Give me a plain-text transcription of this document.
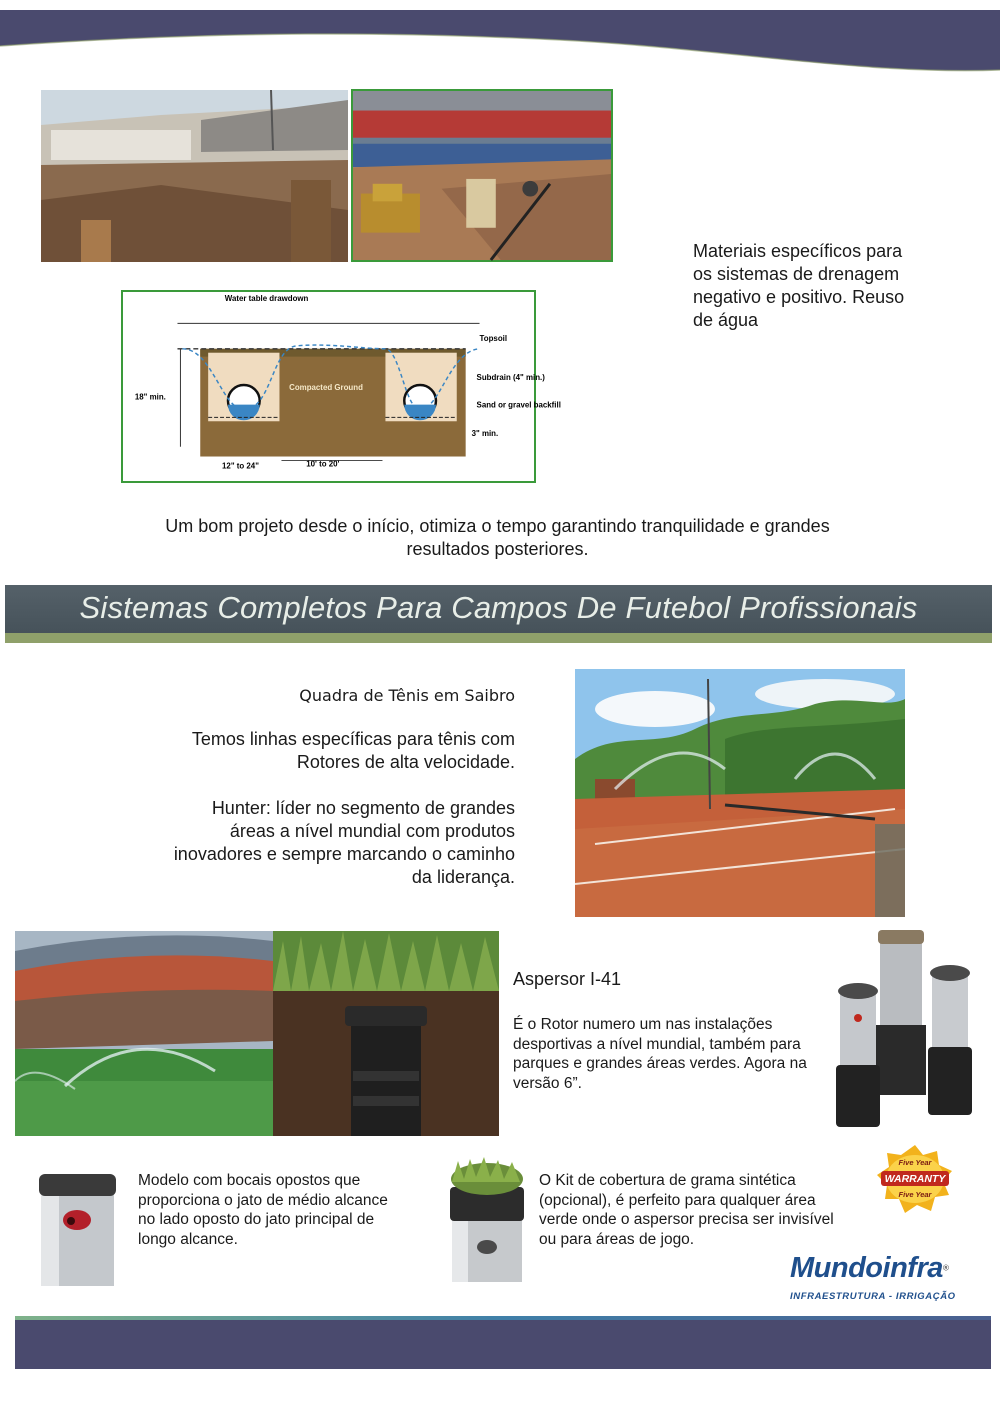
Water table drawdown
Topsoil
Compacted Ground
Subdrain (4" min.)
Sand or gravel backfill
18" min.
3" min.
12" to 24"	10' to 20'
Materiais específicos para os sistemas de drenagem negativo e positivo. Reuso de água
Um bom projeto desde o início, otimiza o tempo garantindo tranquilidade e grandes resultados posteriores.
Sistemas Completos Para Campos De Futebol Profissionais
Quadra de Tênis em Saibro
Temos linhas específicas para tênis com Rotores de alta velocidade.
Hunter: líder no segmento de grandes áreas a nível mundial com produtos inovadores e sempre marcando o caminho da liderança.
Aspersor I-41
É o Rotor numero um nas instalações desportivas a nível mundial, também para parques e grandes áreas verdes. Agora na versão 6”.
Modelo com bocais opostos que proporciona o jato de médio alcance no lado oposto do jato principal de longo alcance.
O Kit de cobertura de grama sintética (opcional), é perfeito para qualquer área verde onde o aspersor precisa ser invisível ou para áreas de jogo.
WARRANTY
Five Year
Five Year
Mundoinfra®
INFRAESTRUTURA - IRRIGAÇÃO
